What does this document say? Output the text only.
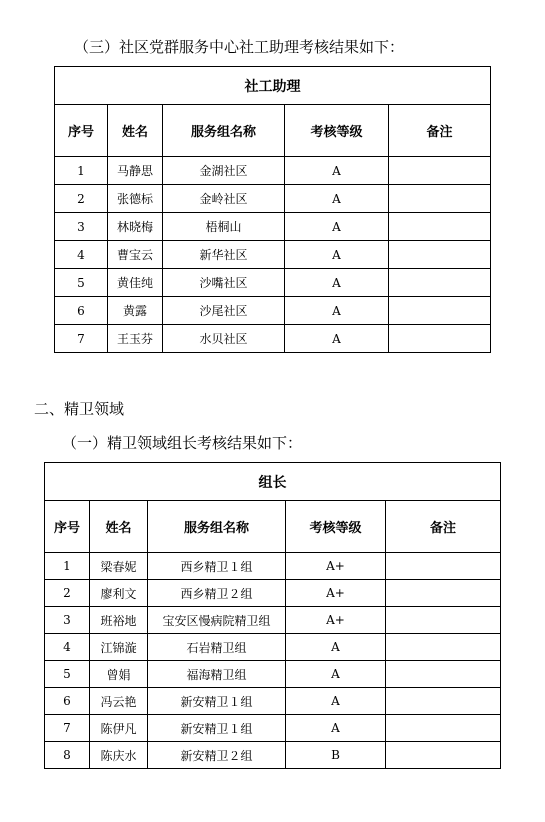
（三）社区党群服务中心社工助理考核结果如下：
社工助理				
序号	姓名	服务组名称	考核等级	备注
1	马静思	金湖社区	A	
2	张德标	金岭社区	A	
3	林晓梅	梧桐山	A	
4	曹宝云	新华社区	A	
5	黄佳纯	沙嘴社区	A	
6	黄露	沙尾社区	A	
7	王玉芬	水贝社区	A	
二、精卫领域
（一）精卫领域组长考核结果如下：
组长				
序号	姓名	服务组名称	考核等级	备注
1	梁春妮	西乡精卫１组	A+	
2	廖利文	西乡精卫２组	A+	
3	班裕地	宝安区慢病院精卫组	A+	
4	江锦漩	石岩精卫组	A	
5	曾娟	福海精卫组	A	
6	冯云艳	新安精卫１组	A	
7	陈伊凡	新安精卫１组	A	
8	陈庆水	新安精卫２组	B	
